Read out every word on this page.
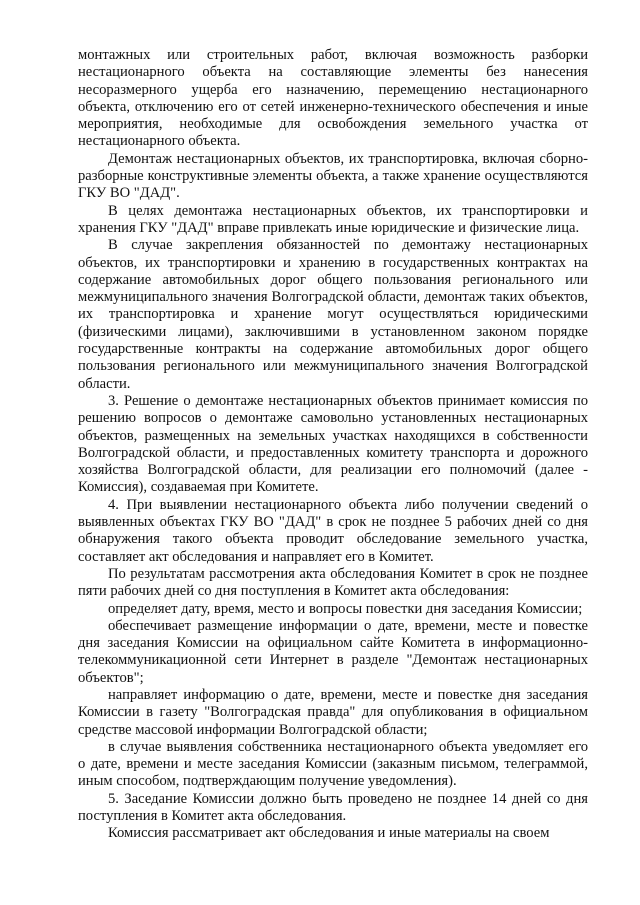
монтажных или строительных работ, включая возможность разборки нестационарного объекта на составляющие элементы без нанесения несоразмерного ущерба его назначению, перемещению нестационарного объекта, отключению его от сетей инженерно-технического обеспечения и иные мероприятия, необходимые для освобождения земельного участка от нестационарного объекта.

Демонтаж нестационарных объектов, их транспортировка, включая сборно-разборные конструктивные элементы объекта, а также хранение осуществляются ГКУ ВО "ДАД".

В целях демонтажа нестационарных объектов, их транспортировки и хранения ГКУ "ДАД" вправе привлекать иные юридические и физические лица.

В случае закрепления обязанностей по демонтажу нестационарных объектов, их транспортировки и хранению в государственных контрактах на содержание автомобильных дорог общего пользования регионального или межмуниципального значения Волгоградской области, демонтаж таких объектов, их транспортировка и хранение могут осуществляться юридическими (физическими лицами), заключившими в установленном законом порядке государственные контракты на содержание автомобильных дорог общего пользования регионального или межмуниципального значения Волгоградской области.

3. Решение о демонтаже нестационарных объектов принимает комиссия по решению вопросов о демонтаже самовольно установленных нестационарных объектов, размещенных на земельных участках находящихся в собственности Волгоградской области, и предоставленных комитету транспорта и дорожного хозяйства Волгоградской области, для реализации его полномочий (далее - Комиссия), создаваемая при Комитете.

4. При выявлении нестационарного объекта либо получении сведений о выявленных объектах ГКУ ВО "ДАД" в срок не позднее 5 рабочих дней со дня обнаружения такого объекта проводит обследование земельного участка, составляет акт обследования и направляет его в Комитет.

По результатам рассмотрения акта обследования Комитет в срок не позднее пяти рабочих дней со дня поступления в Комитет акта обследования:

определяет дату, время, место и вопросы повестки дня заседания Комиссии;

обеспечивает размещение информации о дате, времени, месте и повестке дня заседания Комиссии на официальном сайте Комитета в информационно-телекоммуникационной сети Интернет в разделе "Демонтаж нестационарных объектов";

направляет информацию о дате, времени, месте и повестке дня заседания Комиссии в газету "Волгоградская правда" для опубликования в официальном средстве массовой информации Волгоградской области;

в случае выявления собственника нестационарного объекта уведомляет его о дате, времени и месте заседания Комиссии (заказным письмом, телеграммой, иным способом, подтверждающим получение уведомления).

5. Заседание Комиссии должно быть проведено не позднее 14 дней со дня поступления в Комитет акта обследования.

Комиссия рассматривает акт обследования и иные материалы на своем
